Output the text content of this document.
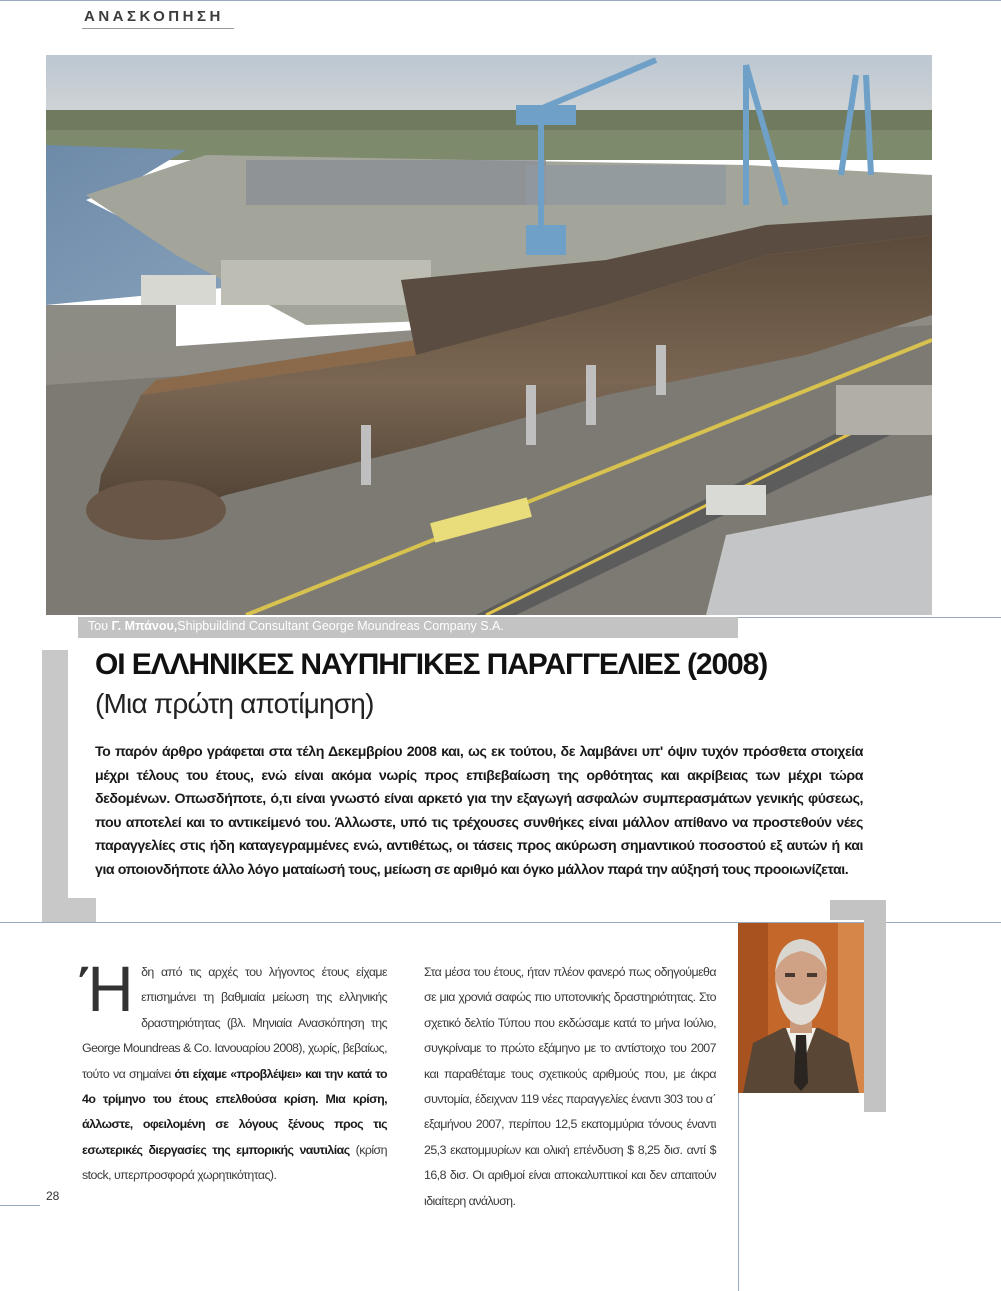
ΑΝΑΣΚΟΠΗΣΗ
Του Γ. Μπάνου,Shipbuildind Consultant George Moundreas Company S.A.
ΟΙ ΕΛΛΗΝΙΚΕΣ ΝΑΥΠΗΓΙΚΕΣ ΠΑΡΑΓΓΕΛΙΕΣ (2008)
(Μια πρώτη αποτίμηση)
Το παρόν άρθρο γράφεται στα τέλη Δεκεμβρίου 2008 και, ως εκ τούτου, δε λαμβάνει υπ' όψιν τυχόν πρόσθετα στοιχεία μέχρι τέλους του έτους, ενώ είναι ακόμα νωρίς προς επιβεβαίωση της ορθότητας και ακρίβειας των μέχρι τώρα δεδομένων. Οπωσδήποτε, ό,τι είναι γνωστό είναι αρκετό για την εξαγωγή ασφαλών συμπερασμάτων γενικής φύσεως, που αποτελεί και το αντικείμενό του. Άλλωστε, υπό τις τρέχουσες συνθήκες είναι μάλλον απίθανο να προστεθούν νέες παραγγελίες στις ήδη καταγεγραμμένες ενώ, αντιθέτως, οι τάσεις προς ακύρωση σημαντικού ποσοστού εξ αυτών ή και για οποιονδήποτε άλλο λόγο ματαίωσή τους, μείωση σε αριθμό και όγκο μάλλον παρά την αύξησή τους προοιωνίζεται.
Ήδη από τις αρχές του λήγοντος έτους είχαμε επισημάνει τη βαθμιαία μείωση της ελληνικής δραστηριότητας (βλ. Μηνιαία Ανασκόπηση της George Moundreas & Co. Ιανουαρίου 2008), χωρίς, βεβαίως, τούτο να σημαίνει ότι είχαμε «προβλέψει» και την κατά το 4ο τρίμηνο του έτους επελθούσα κρίση. Μια κρίση, άλλωστε, οφειλομένη σε λόγους ξένους προς τις εσωτερικές διεργασίες της εμπορικής ναυτιλίας (κρίση stock, υπερπροσφορά χωρητικότητας).
Στα μέσα του έτους, ήταν πλέον φανερό πως οδηγούμεθα σε μια χρονιά σαφώς πιο υποτονικής δραστηριότητας. Στο σχετικό δελτίο Τύπου που εκδώσαμε κατά το μήνα Ιούλιο, συγκρίναμε το πρώτο εξάμηνο με το αντίστοιχο του 2007 και παραθέταμε τους σχετικούς αριθμούς που, με άκρα συντομία, έδειχναν 119 νέες παραγγελίες έναντι 303 του α΄ εξαμήνου 2007, περίπου 12,5 εκατομμύρια τόνους έναντι 25,3 εκατομμυρίων και ολική επένδυση $ 8,25 δισ. αντί $ 16,8 δισ. Οι αριθμοί είναι αποκαλυπτικοί και δεν απαιτούν ιδιαίτερη ανάλυση.
28
